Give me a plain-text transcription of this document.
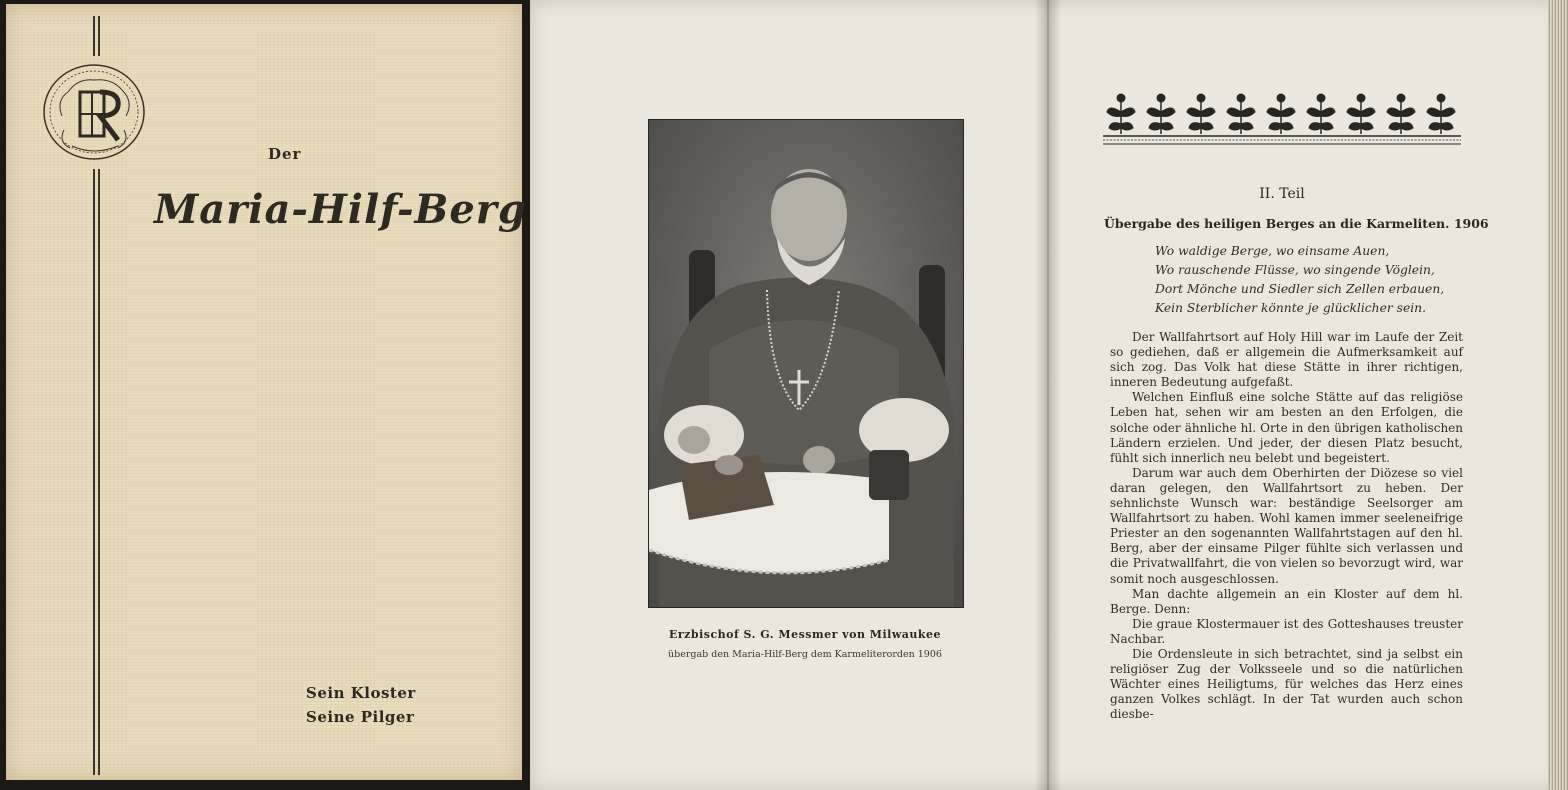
Der
Maria-Hilf-Berg
Sein Kloster
Seine Pilger
Erzbischof S. G. Messmer von Milwaukee
übergab den Maria-Hilf-Berg dem Karmeliterorden 1906
II. Teil
Übergabe des heiligen Berges an die Karmeliten. 1906
Wo waldige Berge, wo einsame Auen,
Wo rauschende Flüsse, wo singende Vöglein,
Dort Mönche und Siedler sich Zellen erbauen,
Kein Sterblicher könnte je glücklicher sein.

Der Wallfahrtsort auf Holy Hill war im Laufe der Zeit so gediehen, daß er allgemein die Aufmerksamkeit auf sich zog. Das Volk hat diese Stätte in ihrer richtigen, inneren Bedeutung aufgefaßt.

Welchen Einfluß eine solche Stätte auf das religiöse Leben hat, sehen wir am besten an den Erfolgen, die solche oder ähnliche hl. Orte in den übrigen katholischen Ländern erzielen. Und jeder, der diesen Platz besucht, fühlt sich innerlich neu belebt und begeistert.

Darum war auch dem Oberhirten der Diözese so viel daran gelegen, den Wallfahrtsort zu heben. Der sehnlichste Wunsch war: beständige Seelsorger am Wallfahrtsort zu haben. Wohl kamen immer seeleneifrige Priester an den sogenannten Wallfahrtstagen auf den hl. Berg, aber der einsame Pilger fühlte sich verlassen und die Privatwallfahrt, die von vielen so bevorzugt wird, war somit noch ausgeschlossen.

Man dachte allgemein an ein Kloster auf dem hl. Berge. Denn:

Die graue Klostermauer ist des Gotteshauses treuster Nachbar.

Die Ordensleute in sich betrachtet, sind ja selbst ein religiöser Zug der Volksseele und so die natürlichen Wächter eines Heiligtums, für welches das Herz eines ganzen Volkes schlägt. In der Tat wurden auch schon diesbe-
